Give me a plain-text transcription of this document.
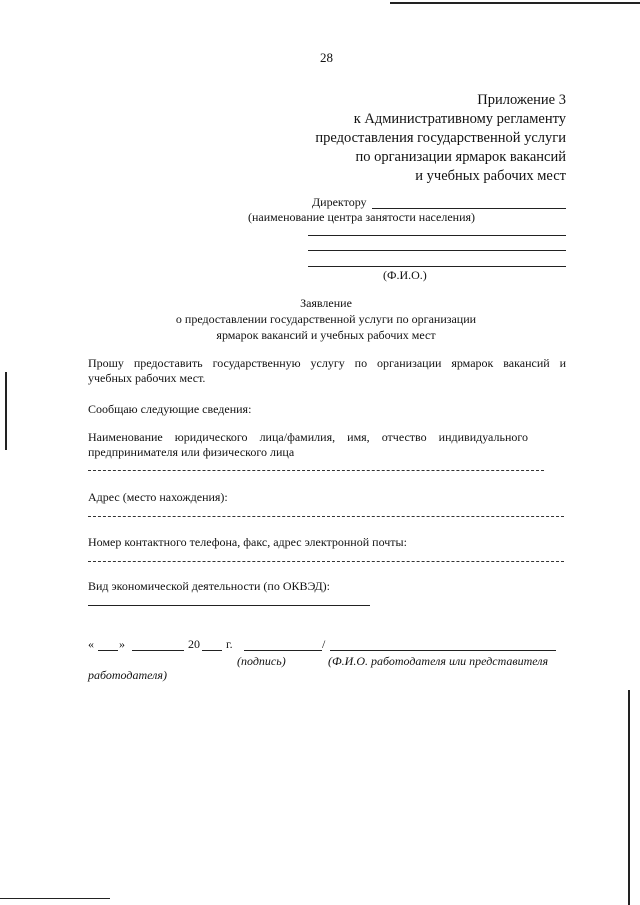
28
Приложение 3
к Административному регламенту
предоставления государственной услуги
по организации ярмарок вакансий
и учебных рабочих мест
Директору
(наименование центра занятости населения)
(Ф.И.О.)
Заявление
о предоставлении государственной услуги по организации
ярмарок вакансий и учебных рабочих мест
Прошу предоставить государственную услугу по организации ярмарок вакансий и
учебных рабочих мест.
Сообщаю следующие сведения:
Наименование юридического лица/фамилия, имя, отчество индивидуального
предпринимателя или физического лица
Адрес (место нахождения):
Номер контактного телефона, факс, адрес электронной почты:
Вид экономической деятельности (по ОКВЭД):
« »	20 г.	/
(подпись)	(Ф.И.О. работодателя или представителя
работодателя)
